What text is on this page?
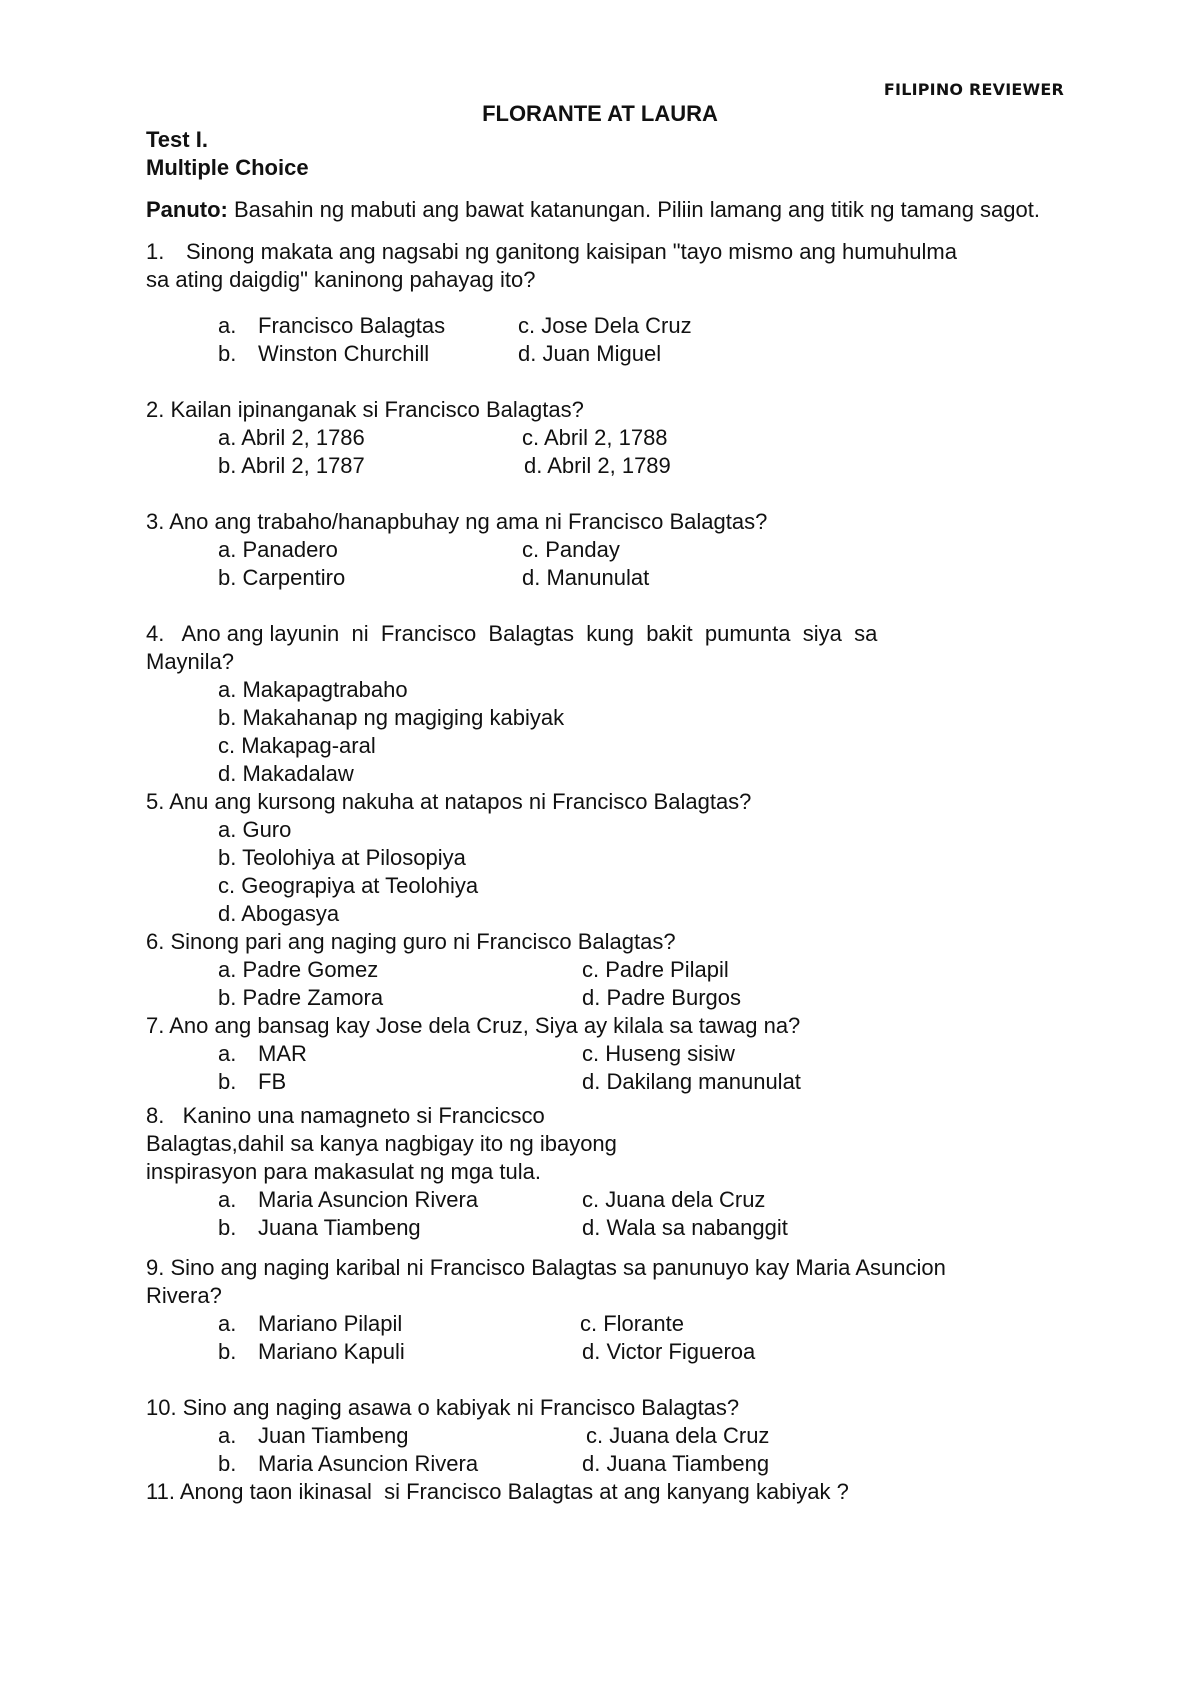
FILIPINO REVIEWER
FLORANTE AT LAURA
Test I.
Multiple Choice
Panuto: Basahin ng mabuti ang bawat katanungan. Piliin lamang ang titik ng tamang sagot.
1. Sinong makata ang nagsabi ng ganitong kaisipan "tayo mismo ang humuhulma
sa ating daigdig" kaninong pahayag ito?
a. Francisco Balagtas	c. Jose Dela Cruz
b. Winston Churchill	d. Juan Miguel
2. Kailan ipinanganak si Francisco Balagtas?
a. Abril 2, 1786	c. Abril 2, 1788
b. Abril 2, 1787	d. Abril 2, 1789
3. Ano ang trabaho/hanapbuhay ng ama ni Francisco Balagtas?
a. Panadero	c. Panday
b. Carpentiro	d. Manunulat
4.   Ano ang layunin  ni  Francisco  Balagtas  kung  bakit  pumunta  siya  sa
Maynila?
a. Makapagtrabaho
b. Makahanap ng magiging kabiyak
c. Makapag-aral
d. Makadalaw
5. Anu ang kursong nakuha at natapos ni Francisco Balagtas?
a. Guro
b. Teolohiya at Pilosopiya
c. Geograpiya at Teolohiya
d. Abogasya
6. Sinong pari ang naging guro ni Francisco Balagtas?
a. Padre Gomez	c. Padre Pilapil
b. Padre Zamora	d. Padre Burgos
7. Ano ang bansag kay Jose dela Cruz, Siya ay kilala sa tawag na?
a. MAR	c. Huseng sisiw
b. FB	d. Dakilang manunulat
8.   Kanino una namagneto si Francicsco
Balagtas,dahil sa kanya nagbigay ito ng ibayong
inspirasyon para makasulat ng mga tula.
a. Maria Asuncion Rivera	c. Juana dela Cruz
b. Juana Tiambeng	d. Wala sa nabanggit
9. Sino ang naging karibal ni Francisco Balagtas sa panunuyo kay Maria Asuncion
Rivera?
a. Mariano Pilapil	c. Florante
b. Mariano Kapuli	d. Victor Figueroa
10. Sino ang naging asawa o kabiyak ni Francisco Balagtas?
a. Juan Tiambeng	c. Juana dela Cruz
b. Maria Asuncion Rivera	d. Juana Tiambeng
11. Anong taon ikinasal  si Francisco Balagtas at ang kanyang kabiyak ?
